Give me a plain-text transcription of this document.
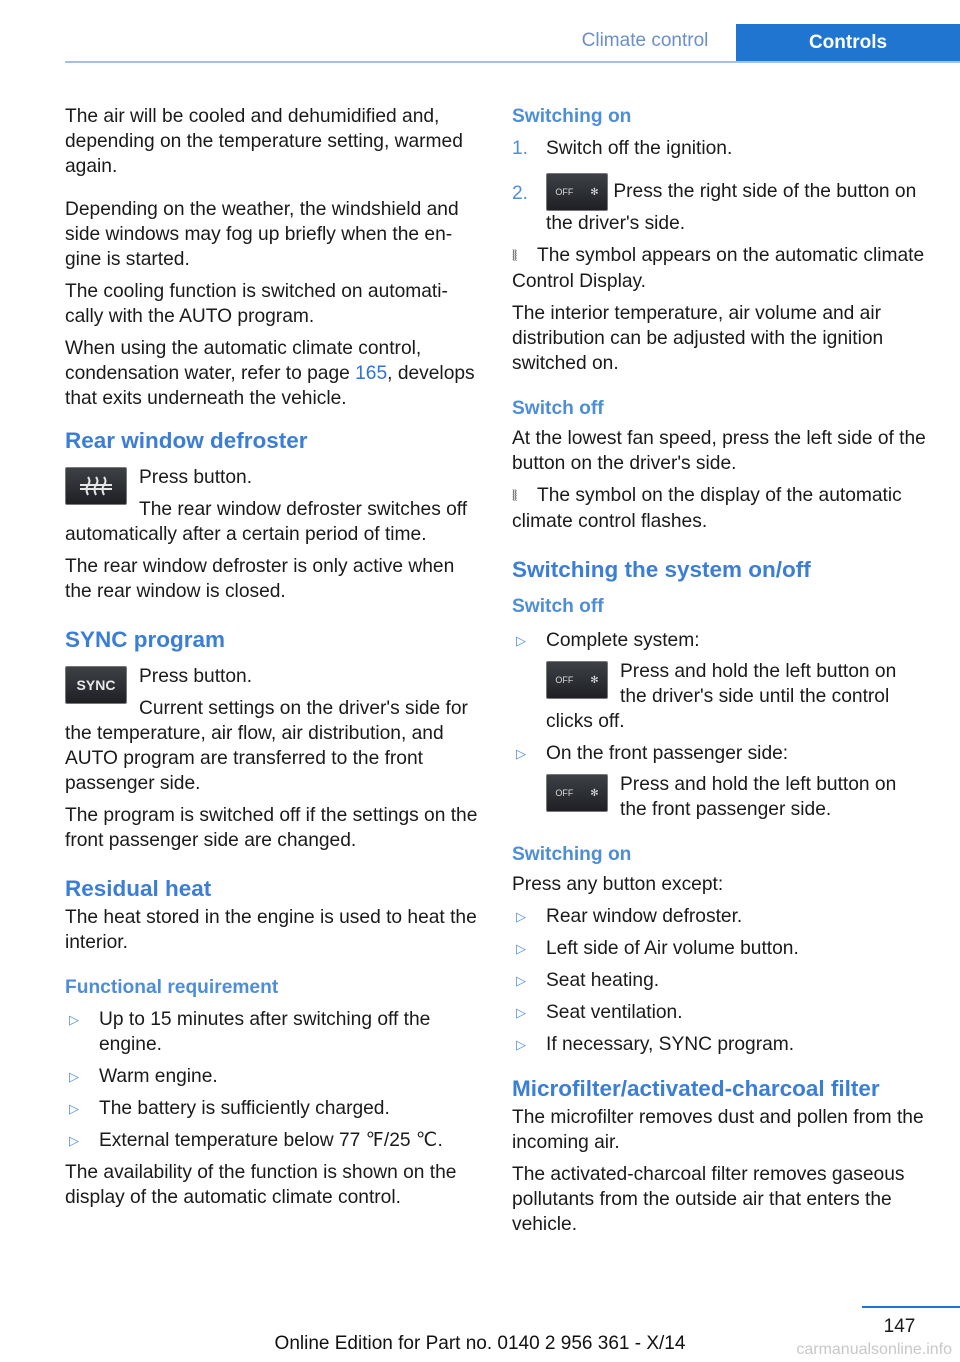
Climate control	Controls

The air will be cooled and dehumidified and, depending on the temperature setting, warmed again.

Depending on the weather, the windshield and side windows may fog up briefly when the engine is started.

The cooling function is switched on automatically with the AUTO program.

When using the automatic climate control, condensation water, refer to page 165, develops that exits underneath the vehicle.

Rear window defroster

Press button.

The rear window defroster switches off automatically after a certain period of time.

The rear window defroster is only active when the rear window is closed.

SYNC program
SYNC	Press button.

Current settings on the driver's side for the temperature, air flow, air distribution, and AUTO program are transferred to the front passenger side.

The program is switched off if the settings on the front passenger side are changed.

Residual heat

The heat stored in the engine is used to heat the interior.

Functional requirement
▷ Up to 15 minutes after switching off the engine.
▷ Warm engine.
▷ The battery is sufficiently charged.
▷ External temperature below 77 ℉/25 ℃.

The availability of the function is shown on the display of the automatic climate control.

Switching on
1. Switch off the ignition.
2.	OFF ✻ Press the right side of the button on the driver's side.

⦚⦚ The symbol appears on the automatic climate Control Display.

The interior temperature, air volume and air distribution can be adjusted with the ignition switched on.

Switch off

At the lowest fan speed, press the left side of the button on the driver's side.

⦚⦚ The symbol on the display of the automatic climate control flashes.

Switching the system on/off
Switch off
▷ Complete system:
OFF ✻ Press and hold the left button on the driver's side until the control clicks off.
▷ On the front passenger side:
OFF ✻ Press and hold the left button on the front passenger side.
Switching on

Press any button except:

▷ Rear window defroster.
▷ Left side of Air volume button.
▷ Seat heating.
▷ Seat ventilation.
▷ If necessary, SYNC program.
Microfilter/activated-charcoal filter

The microfilter removes dust and pollen from the incoming air.

The activated-charcoal filter removes gaseous pollutants from the outside air that enters the vehicle.

147
Online Edition for Part no. 0140 2 956 361 - X/14	carmanualsonline.info
